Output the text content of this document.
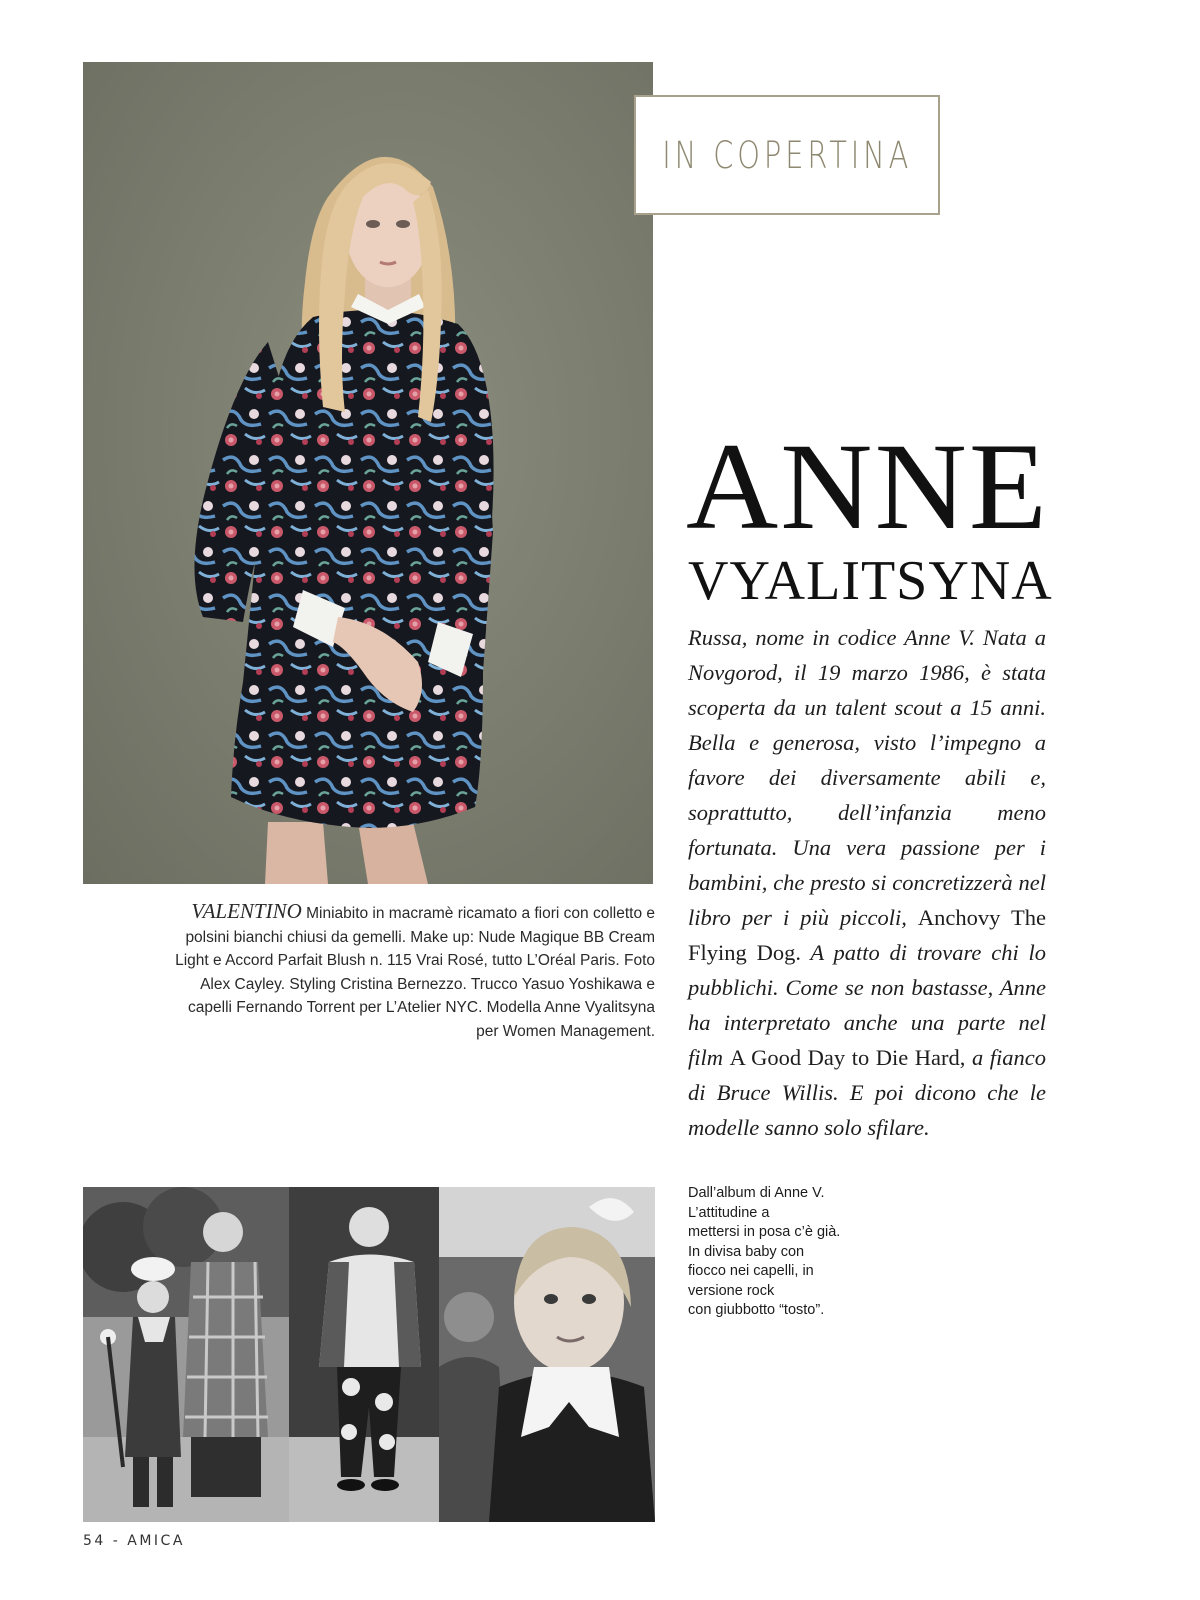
IN COPERTINA
ANNE
VYALITSYNA
Russa, nome in codice Anne V. Nata a Novgorod, il 19 marzo 1986, è stata scoperta da un talent scout a 15 anni. Bella e generosa, visto l’impegno a favore dei diversamente abili e, soprattutto, dell’infanzia meno fortunata. Una vera passione per i bambini, che presto si concretizzerà nel libro per i più piccoli, Anchovy The Flying Dog. A patto di trovare chi lo pubblichi. Come se non bastasse, Anne ha interpretato anche una parte nel film A Good Day to Die Hard, a fianco di Bruce Willis. E poi dicono che le modelle sanno solo sfilare.
VALENTINO Miniabito in macramè ricamato a fiori con colletto e polsini bianchi chiusi da gemelli. Make up: Nude Magique BB Cream Light e Accord Parfait Blush n. 115 Vrai Rosé, tutto L’Oréal Paris. Foto Alex Cayley. Styling Cristina Bernezzo. Trucco Yasuo Yoshikawa e capelli Fernando Torrent per L’Atelier NYC. Modella Anne Vyalitsyna per Women Management.
Dall’album di Anne V.
L’attitudine a
mettersi in posa c’è già.
In divisa baby con
fiocco nei capelli, in
versione rock
con giubbotto “tosto”.
54 - AMICA
